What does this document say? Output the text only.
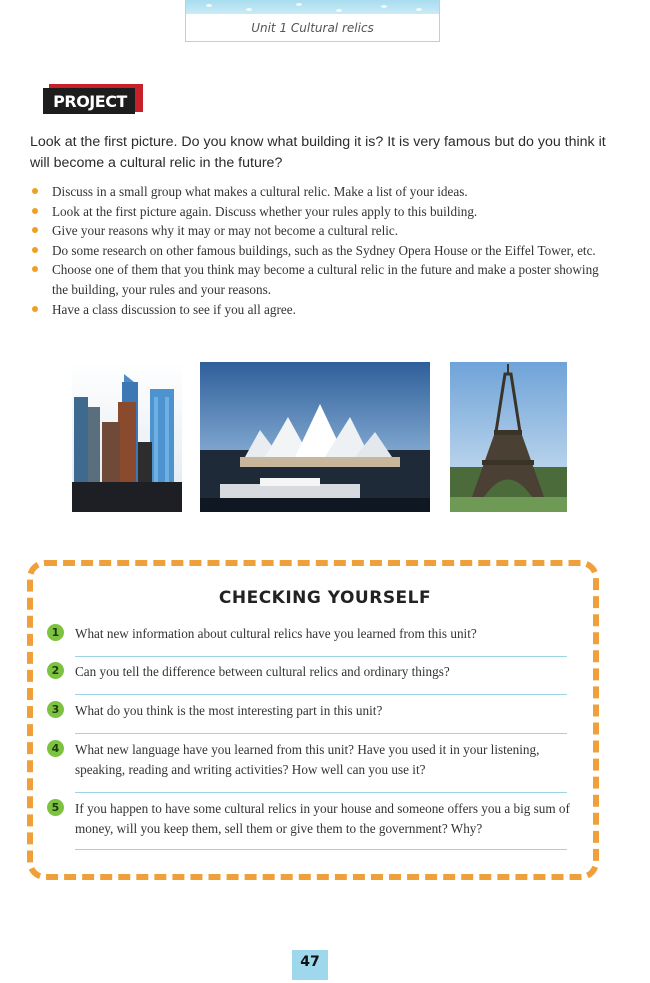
Unit 1 Cultural relics
PROJECT
Look at the first picture. Do you know what building it is? It is very famous but do you think it will become a cultural relic in the future?
Discuss in a small group what makes a cultural relic. Make a list of your ideas.
Look at the first picture again. Discuss whether your rules apply to this building.
Give your reasons why it may or may not become a cultural relic.
Do some research on other famous buildings, such as the Sydney Opera House or the Eiffel Tower, etc.
Choose one of them that you think may become a cultural relic in the future and make a poster showing the building, your rules and your reasons.
Have a class discussion to see if you all agree.
CHECKING YOURSELF
1	What new information about cultural relics have you learned from this unit?
2	Can you tell the difference between cultural relics and ordinary things?
3	What do you think is the most interesting part in this unit?
4	What new language have you learned from this unit? Have you used it in your listening, speaking, reading and writing activities? How well can you use it?
5	If you happen to have some cultural relics in your house and someone offers you a big sum of money, will you keep them, sell them or give them to the government? Why?
47
